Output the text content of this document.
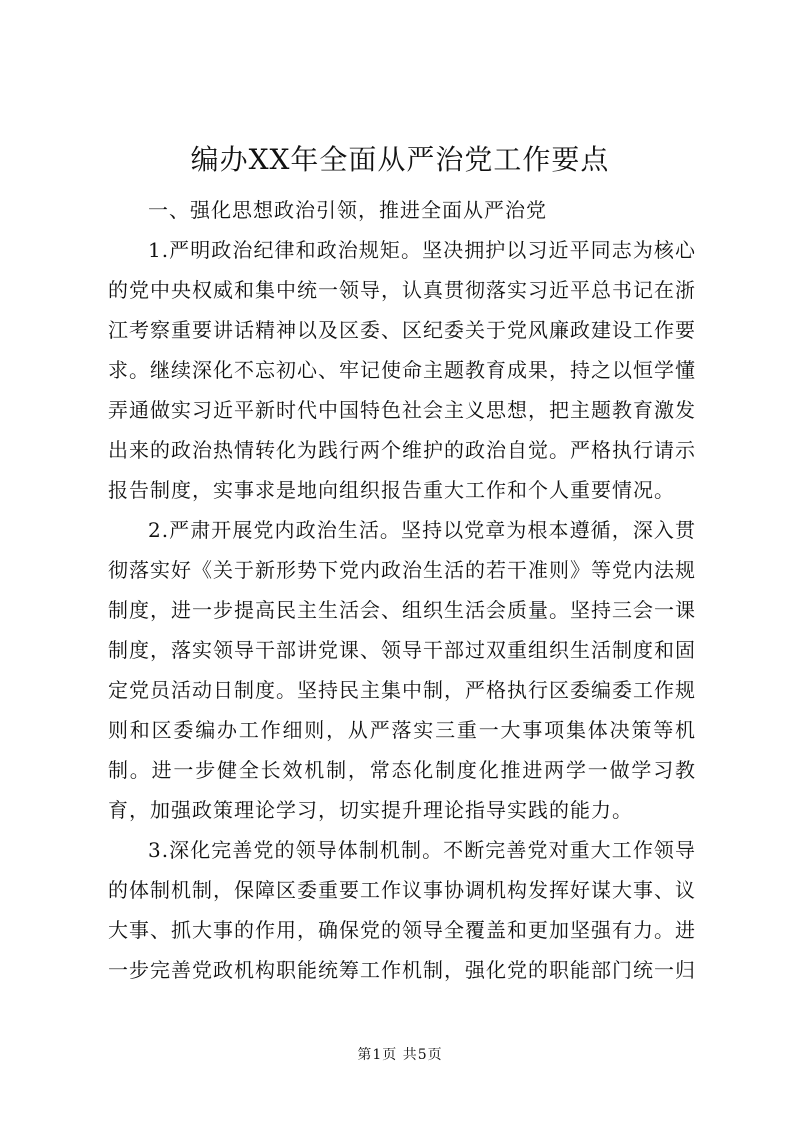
编办XX年全面从严治党工作要点

一、强化思想政治引领，推进全面从严治党

1.严明政治纪律和政治规矩。坚决拥护以习近平同志为核心的党中央权威和集中统一领导，认真贯彻落实习近平总书记在浙江考察重要讲话精神以及区委、区纪委关于党风廉政建设工作要求。继续深化不忘初心、牢记使命主题教育成果，持之以恒学懂弄通做实习近平新时代中国特色社会主义思想，把主题教育激发出来的政治热情转化为践行两个维护的政治自觉。严格执行请示报告制度，实事求是地向组织报告重大工作和个人重要情况。

2.严肃开展党内政治生活。坚持以党章为根本遵循，深入贯彻落实好《关于新形势下党内政治生活的若干准则》等党内法规制度，进一步提高民主生活会、组织生活会质量。坚持三会一课制度，落实领导干部讲党课、领导干部过双重组织生活制度和固定党员活动日制度。坚持民主集中制，严格执行区委编委工作规则和区委编办工作细则，从严落实三重一大事项集体决策等机制。进一步健全长效机制，常态化制度化推进两学一做学习教育，加强政策理论学习，切实提升理论指导实践的能力。

3.深化完善党的领导体制机制。不断完善党对重大工作领导的体制机制，保障区委重要工作议事协调机构发挥好谋大事、议大事、抓大事的作用，确保党的领导全覆盖和更加坚强有力。进一步完善党政机构职能统筹工作机制，强化党的职能部门统一归

第1页 共5页
